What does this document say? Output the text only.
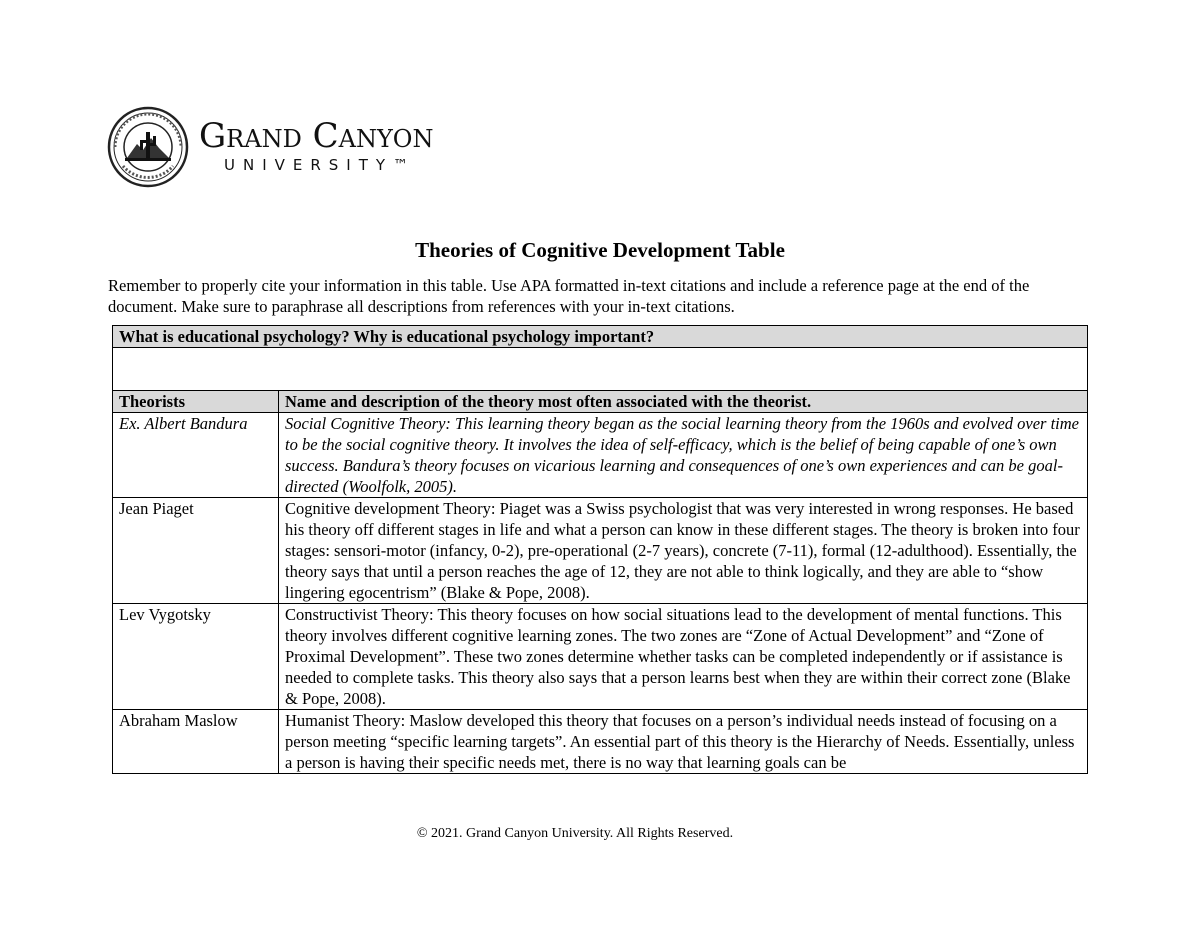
Grand Canyon
UNIVERSITY™
Theories of Cognitive Development Table
Remember to properly cite your information in this table. Use APA formatted in-text citations and include a reference page at the end of the document. Make sure to paraphrase all descriptions from references with your in-text citations.
What is educational psychology? Why is educational psychology important?	

Theorists	Name and description of the theory most often associated with the theorist.
Ex. Albert Bandura	Social Cognitive Theory: This learning theory began as the social learning theory from the 1960s and evolved over time to be the social cognitive theory. It involves the idea of self-efficacy, which is the belief of being capable of one’s own success. Bandura’s theory focuses on vicarious learning and consequences of one’s own experiences and can be goal-directed (Woolfolk, 2005).
Jean Piaget	Cognitive development Theory: Piaget was a Swiss psychologist that was very interested in wrong responses. He based his theory off different stages in life and what a person can know in these different stages. The theory is broken into four stages: sensori-motor (infancy, 0-2), pre-operational (2-7 years), concrete (7-11), formal (12-adulthood). Essentially, the theory says that until a person reaches the age of 12, they are not able to think logically, and they are able to “show lingering egocentrism” (Blake & Pope, 2008).
Lev Vygotsky	Constructivist Theory: This theory focuses on how social situations lead to the development of mental functions. This theory involves different cognitive learning zones. The two zones are “Zone of Actual Development” and “Zone of Proximal Development”. These two zones determine whether tasks can be completed independently or if assistance is needed to complete tasks. This theory also says that a person learns best when they are within their correct zone (Blake & Pope, 2008).
Abraham Maslow	Humanist Theory: Maslow developed this theory that focuses on a person’s individual needs instead of focusing on a person meeting “specific learning targets”. An essential part of this theory is the Hierarchy of Needs. Essentially, unless a person is having their specific needs met, there is no way that learning goals can be
© 2021. Grand Canyon University. All Rights Reserved.
